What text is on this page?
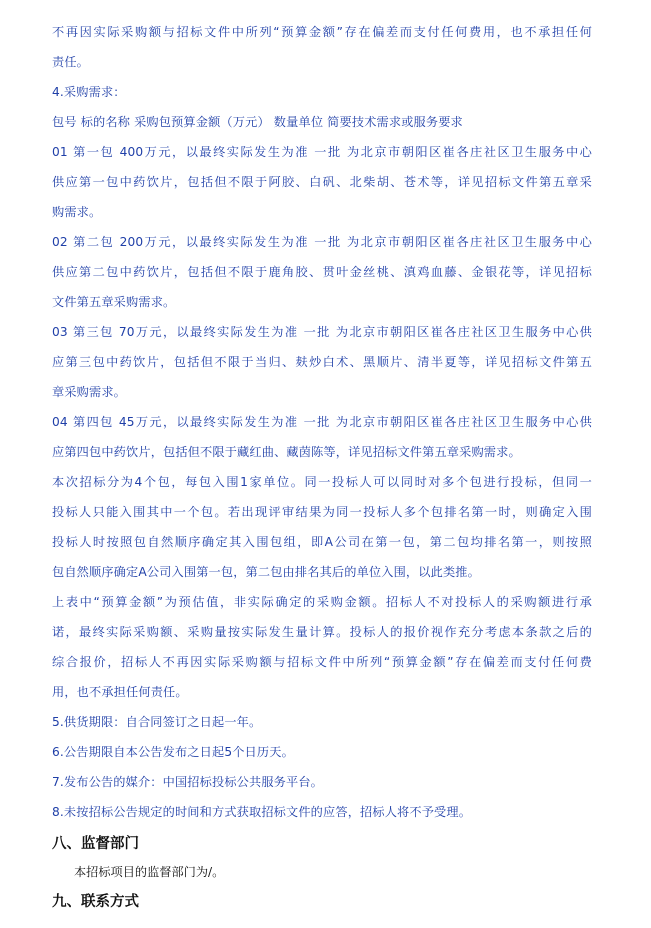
不再因实际采购额与招标文件中所列“预算金额”存在偏差而支付任何费用，也不承担任何
责任。
4.采购需求：
包号 标的名称 采购包预算金额（万元） 数量单位 简要技术需求或服务要求
01 第一包 400万元，以最终实际发生为准 一批 为北京市朝阳区崔各庄社区卫生服务中心
供应第一包中药饮片，包括但不限于阿胶、白矾、北柴胡、苍术等，详见招标文件第五章采
购需求。
02 第二包 200万元，以最终实际发生为准 一批 为北京市朝阳区崔各庄社区卫生服务中心
供应第二包中药饮片，包括但不限于鹿角胶、贯叶金丝桃、滇鸡血藤、金银花等，详见招标
文件第五章采购需求。
03 第三包 70万元，以最终实际发生为准 一批 为北京市朝阳区崔各庄社区卫生服务中心供
应第三包中药饮片，包括但不限于当归、麸炒白术、黑顺片、清半夏等，详见招标文件第五
章采购需求。
04 第四包 45万元，以最终实际发生为准 一批 为北京市朝阳区崔各庄社区卫生服务中心供
应第四包中药饮片，包括但不限于藏红曲、藏茵陈等，详见招标文件第五章采购需求。
本次招标分为4个包，每包入围1家单位。同一投标人可以同时对多个包进行投标，但同一
投标人只能入围其中一个包。若出现评审结果为同一投标人多个包排名第一时，则确定入围
投标人时按照包自然顺序确定其入围包组，即A公司在第一包，第二包均排名第一，则按照
包自然顺序确定A公司入围第一包，第二包由排名其后的单位入围，以此类推。
上表中“预算金额”为预估值，非实际确定的采购金额。招标人不对投标人的采购额进行承
诺，最终实际采购额、采购量按实际发生量计算。投标人的报价视作充分考虑本条款之后的
综合报价，招标人不再因实际采购额与招标文件中所列“预算金额”存在偏差而支付任何费
用，也不承担任何责任。
5.供货期限：自合同签订之日起一年。
6.公告期限自本公告发布之日起5个日历天。
7.发布公告的媒介：中国招标投标公共服务平台。
8.未按招标公告规定的时间和方式获取招标文件的应答，招标人将不予受理。
八、监督部门
本招标项目的监督部门为/。
九、联系方式
